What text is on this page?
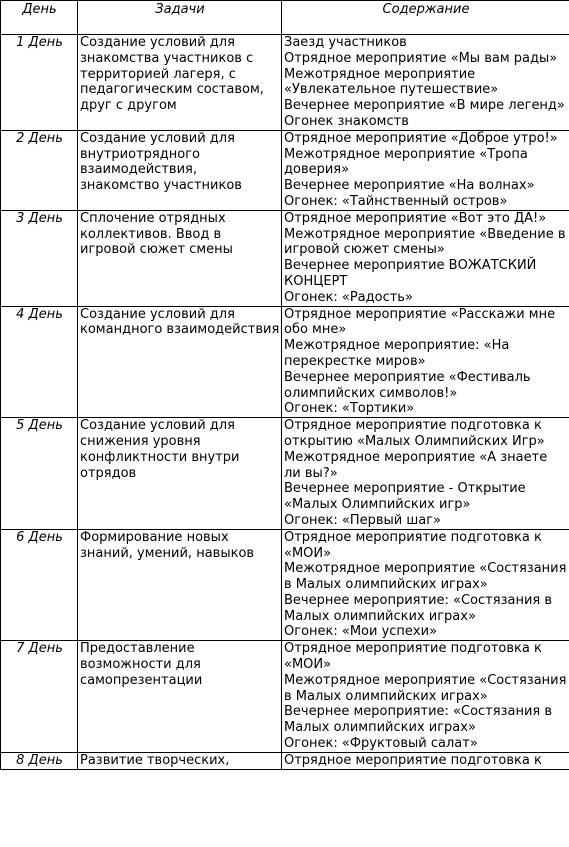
День	Задачи	Содержание
1 День	Создание условий для знакомства участников с территорией лагеря, с педагогическим составом, друг с другом	Заезд участников
Отрядное мероприятие «Мы вам рады»
Межотрядное мероприятие «Увлекательное путешествие»
Вечернее мероприятие «В мире легенд»
Огонек знакомств

2 День	Создание условий для внутриотрядного взаимодействия, знакомство участников	Отрядное мероприятие «Доброе утро!»
Межотрядное мероприятие «Тропа доверия»
Вечернее мероприятие «На волнах»
Огонек: «Тайнственный остров»

3 День	Сплочение отрядных коллективов. Ввод в игровой сюжет смены	Отрядное мероприятие «Вот это ДА!»
Межотрядное мероприятие «Введение в игровой сюжет смены»
Вечернее мероприятие ВОЖАТСКИЙ КОНЦЕРТ
Огонек: «Радость»

4 День	Создание условий для командного взаимодействия	Отрядное мероприятие «Расскажи мне обо мне»
Межотрядное мероприятие: «На перекрестке миров»
Вечернее мероприятие «Фестиваль олимпийских символов!»
Огонек: «Тортики»

5 День	Создание условий для снижения уровня конфликтности внутри отрядов	Отрядное мероприятие подготовка к открытию «Малых Олимпийских Игр»
Межотрядное мероприятие «А знаете ли вы?»
Вечернее мероприятие - Открытие «Малых Олимпийских игр»
Огонек: «Первый шаг»

6 День	Формирование новых знаний, умений, навыков	Отрядное мероприятие подготовка к «МОИ»
Межотрядное мероприятие «Состязания в Малых олимпийских играх»
Вечернее мероприятие: «Состязания в Малых олимпийских играх»
Огонек: «Мои успехи»

7 День	Предоставление возможности для самопрезентации	Отрядное мероприятие подготовка к «МОИ»
Межотрядное мероприятие «Состязания в Малых олимпийских играх»
Вечернее мероприятие: «Состязания в Малых олимпийских играх»
Огонек: «Фруктовый салат»

8 День	Развитие творческих,	Отрядное мероприятие подготовка к
